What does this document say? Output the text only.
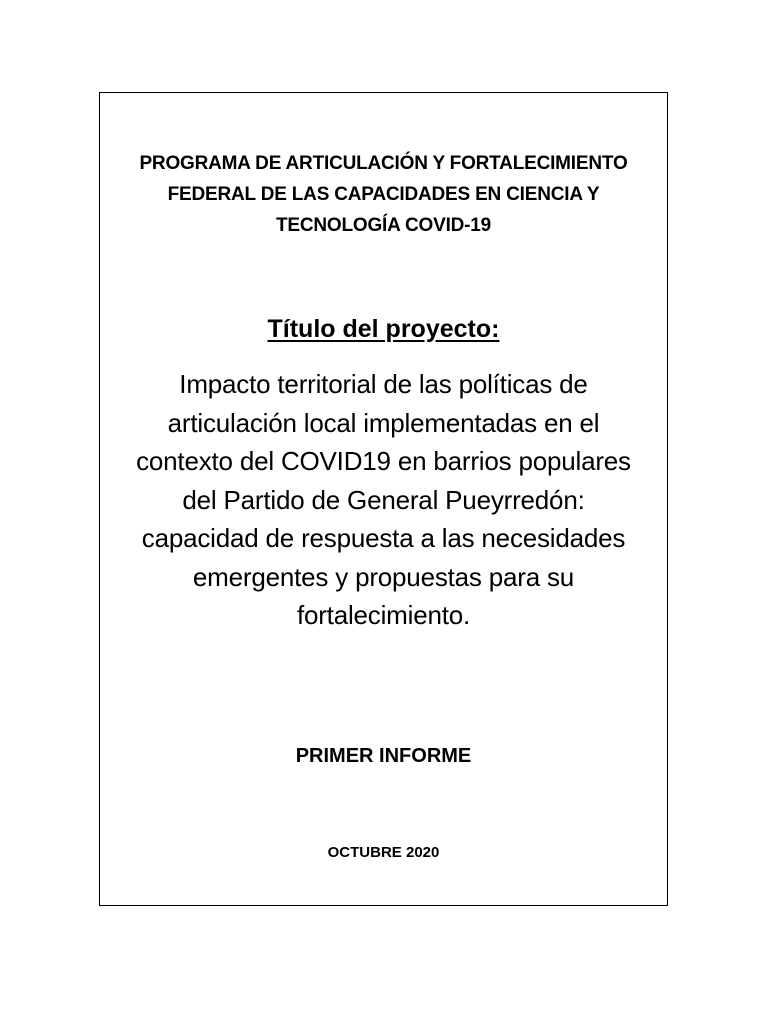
PROGRAMA DE ARTICULACIÓN Y FORTALECIMIENTO
FEDERAL DE LAS CAPACIDADES EN CIENCIA Y
TECNOLOGÍA COVID-19
Título del proyecto:

Impacto territorial de las políticas de
articulación local implementadas en el
contexto del COVID19 en barrios populares
del Partido de General Pueyrredón:
capacidad de respuesta a las necesidades
emergentes y propuestas para su
fortalecimiento.

PRIMER INFORME

OCTUBRE 2020
